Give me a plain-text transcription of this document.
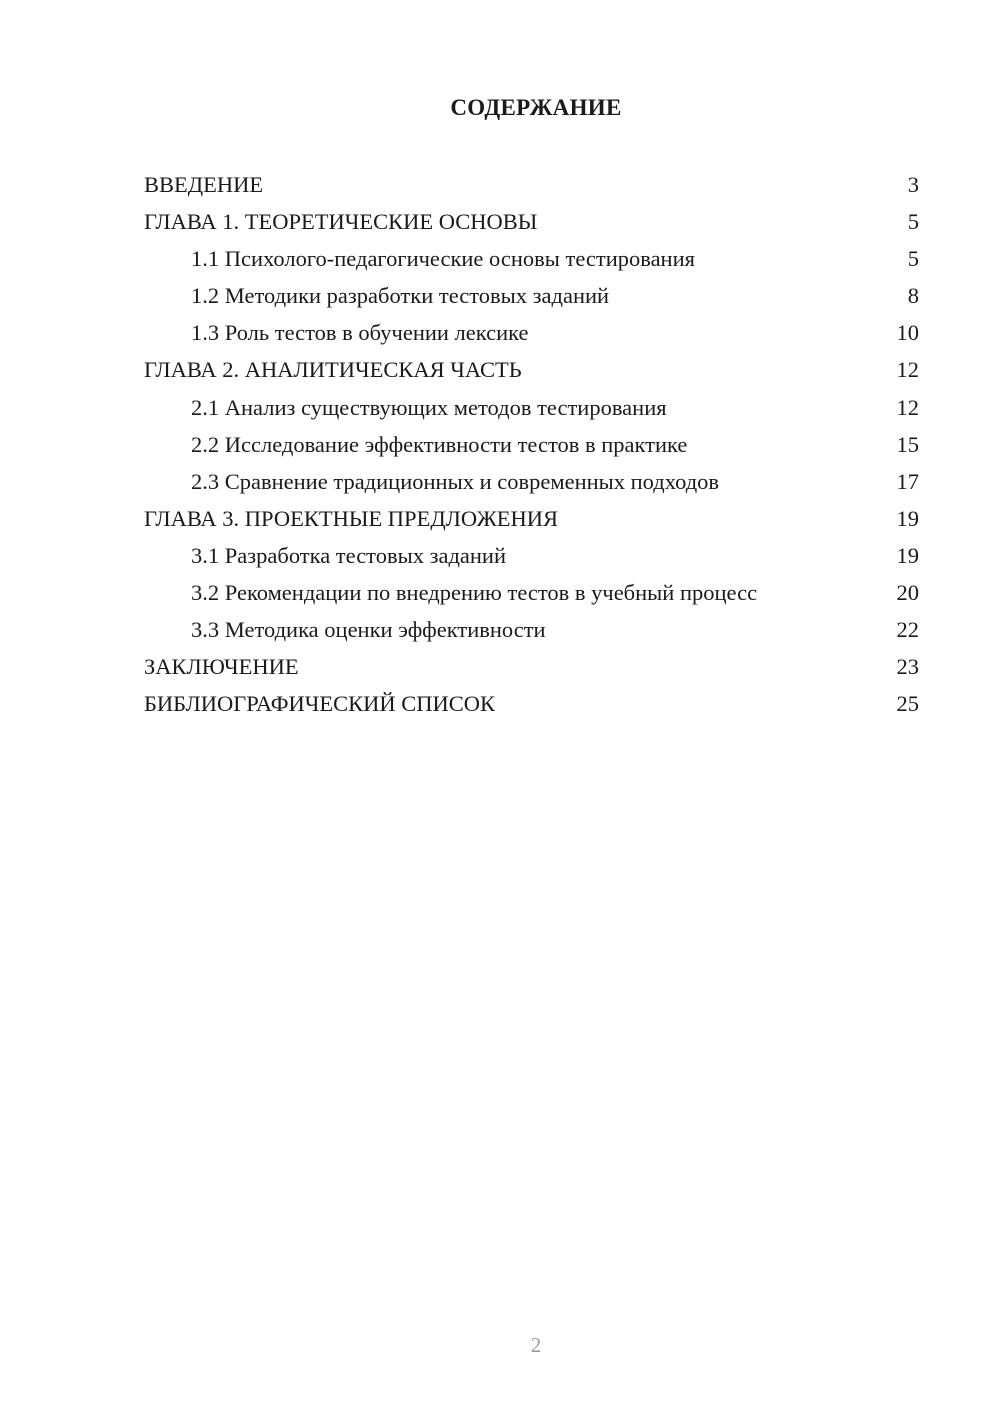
СОДЕРЖАНИЕ
ВВЕДЕНИЕ	3
ГЛАВА 1. ТЕОРЕТИЧЕСКИЕ ОСНОВЫ	5
1.1 Психолого-педагогические основы тестирования	5
1.2 Методики разработки тестовых заданий	8
1.3 Роль тестов в обучении лексике	10
ГЛАВА 2. АНАЛИТИЧЕСКАЯ ЧАСТЬ	12
2.1 Анализ существующих методов тестирования	12
2.2 Исследование эффективности тестов в практике	15
2.3 Сравнение традиционных и современных подходов	17
ГЛАВА 3. ПРОЕКТНЫЕ ПРЕДЛОЖЕНИЯ	19
3.1 Разработка тестовых заданий	19
3.2 Рекомендации по внедрению тестов в учебный процесс	20
3.3 Методика оценки эффективности	22
ЗАКЛЮЧЕНИЕ	23
БИБЛИОГРАФИЧЕСКИЙ СПИСОК	25
2
